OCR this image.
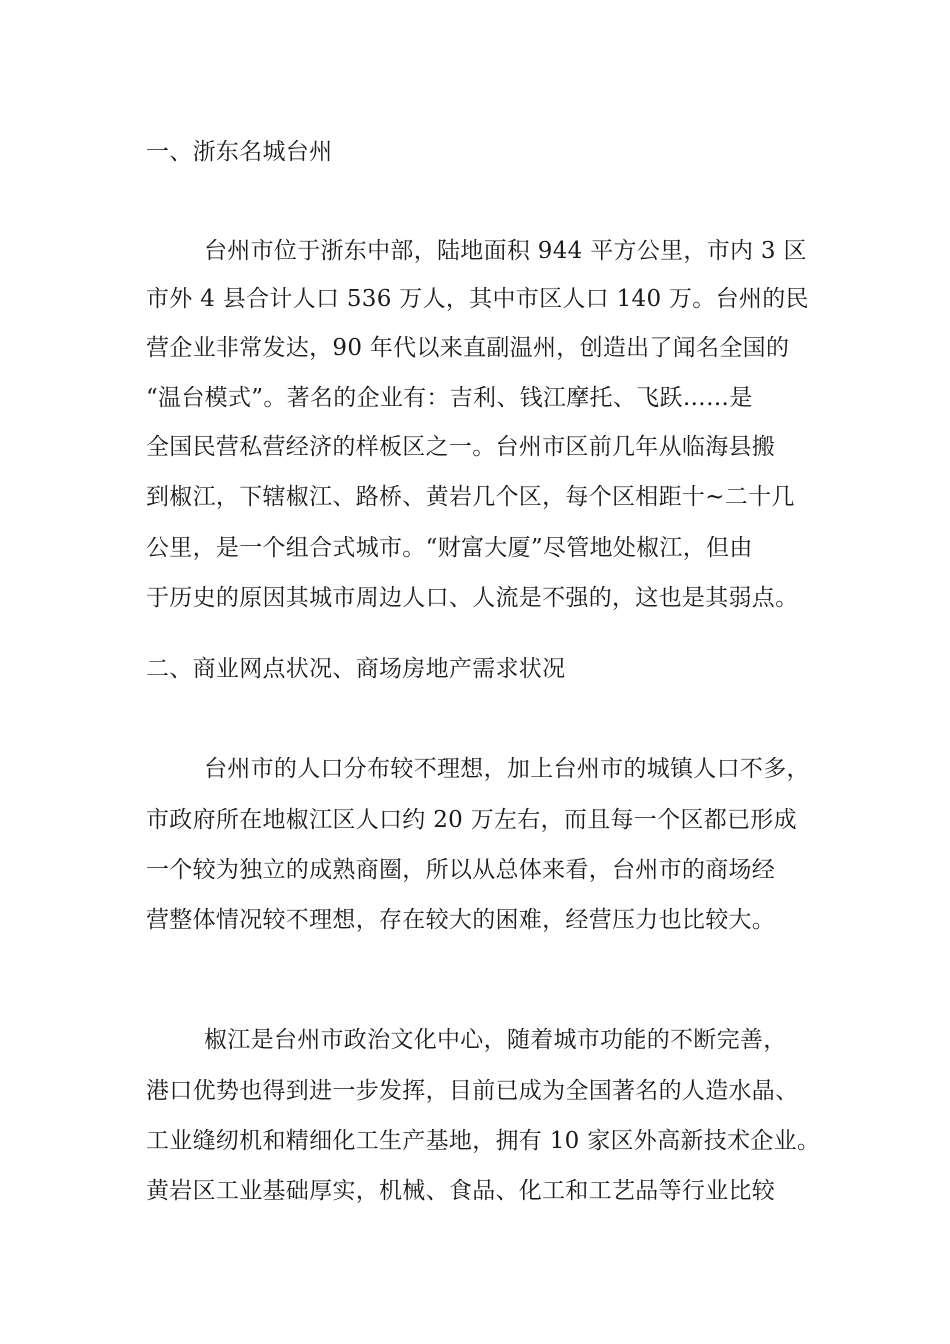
一、浙东名城台州
台州市位于浙东中部，陆地面积 944 平方公里，市内 3 区
市外 4 县合计人口 536 万人，其中市区人口 140 万。台州的民
营企业非常发达，90 年代以来直副温州，创造出了闻名全国的
“温台模式”。著名的企业有：吉利、钱江摩托、飞跃……是
全国民营私营经济的样板区之一。台州市区前几年从临海县搬
到椒江，下辖椒江、路桥、黄岩几个区，每个区相距十~二十几
公里，是一个组合式城市。“财富大厦”尽管地处椒江，但由
于历史的原因其城市周边人口、人流是不强的，这也是其弱点。
二、商业网点状况、商场房地产需求状况
台州市的人口分布较不理想，加上台州市的城镇人口不多，
市政府所在地椒江区人口约 20 万左右，而且每一个区都已形成
一个较为独立的成熟商圈，所以从总体来看，台州市的商场经
营整体情况较不理想，存在较大的困难，经营压力也比较大。
椒江是台州市政治文化中心，随着城市功能的不断完善，
港口优势也得到进一步发挥，目前已成为全国著名的人造水晶、
工业缝纫机和精细化工生产基地，拥有 10 家区外高新技术企业。
黄岩区工业基础厚实，机械、食品、化工和工艺品等行业比较
